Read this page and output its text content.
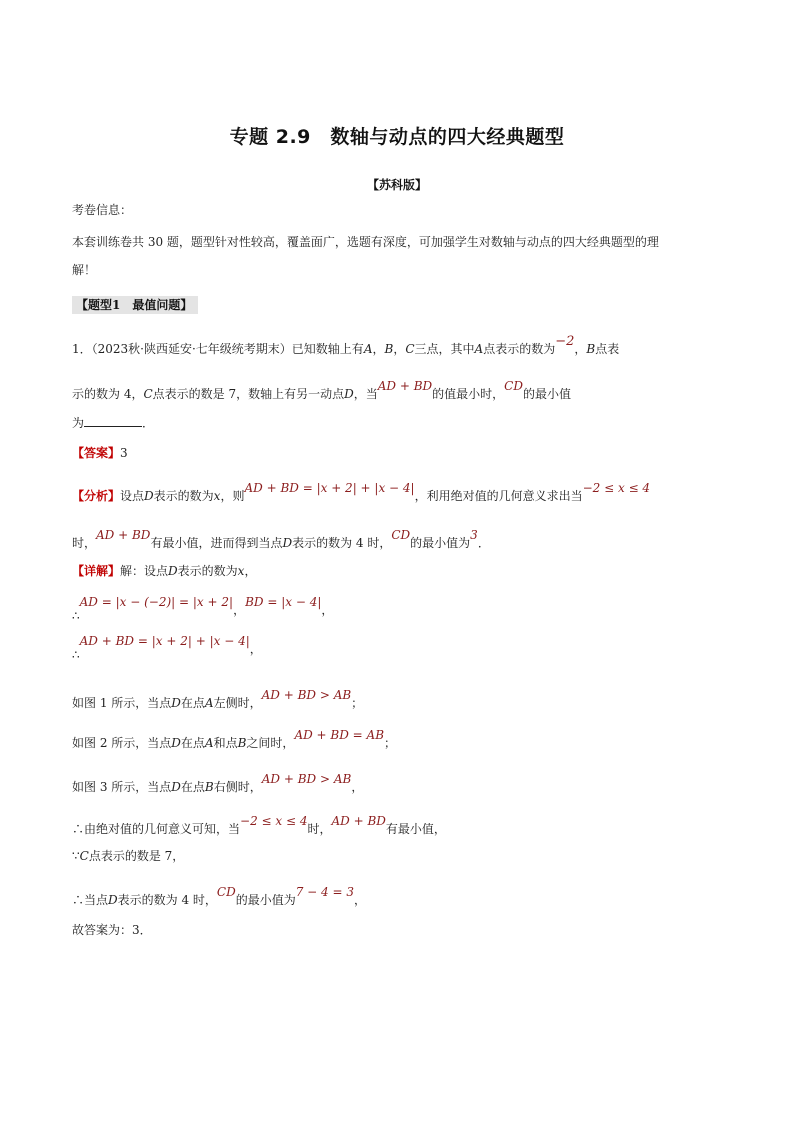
专题 2.9　数轴与动点的四大经典题型
【苏科版】
考卷信息：
本套训练卷共 30 题，题型针对性较高，覆盖面广，选题有深度，可加强学生对数轴与动点的四大经典题型的理
解！
【题型1　最值问题】
1．（2023秋·陕西延安·七年级统考期末）已知数轴上有A，B，C三点，其中A点表示的数为−2，B点表
示的数为 4，C点表示的数是 7，数轴上有另一动点D，当AD + BD的值最小时，CD的最小值
为	．
【答案】3
【分析】设点D表示的数为x，则AD + BD = |x + 2| + |x − 4|，利用绝对值的几何意义求出当−2 ≤ x ≤ 4
时，AD + BD有最小值，进而得到当点D表示的数为 4 时，CD的最小值为3．
【详解】解：设点D表示的数为x，
∴AD = |x − (−2)| = |x + 2|，BD = |x − 4|，
∴AD + BD = |x + 2| + |x − 4|，
如图 1 所示，当点D在点A左侧时，AD + BD > AB；
如图 2 所示，当点D在点A和点B之间时，AD + BD = AB；
如图 3 所示，当点D在点B右侧时，AD + BD > AB，
∴由绝对值的几何意义可知，当−2 ≤ x ≤ 4时，AD + BD有最小值，
∵C点表示的数是 7，
∴当点D表示的数为 4 时，CD的最小值为7 − 4 = 3，
故答案为：3．
